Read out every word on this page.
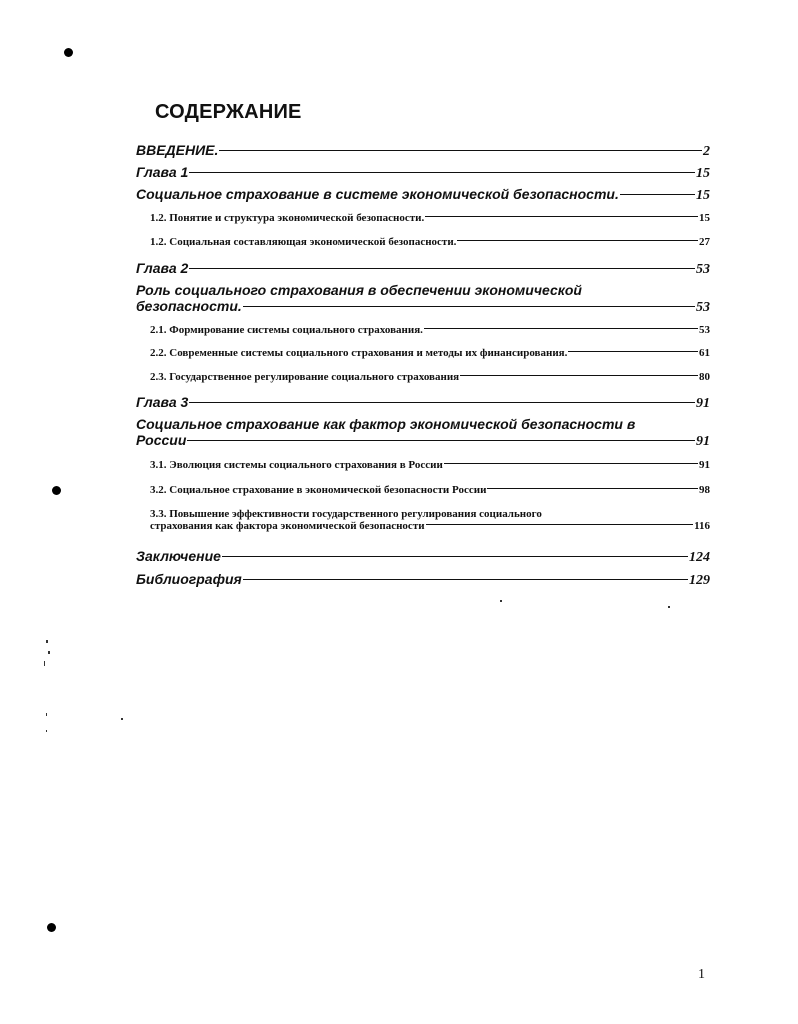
СОДЕРЖАНИЕ
ВВЕДЕНИЕ.	2
Глава 1	15
Социальное страхование в системе экономической безопасности.	15
1.2. Понятие и структура экономической безопасности.	15
1.2. Социальная составляющая экономической безопасности.	27
Глава 2	53
Роль социального страхования в обеспечении экономической
безопасности.	53
2.1. Формирование системы социального страхования.	53
2.2. Современные системы социального страхования и методы их финансирования.	61
2.3. Государственное регулирование социального страхования	80
Глава 3	91
Социальное страхование как фактор экономической безопасности в
России	91
3.1. Эволюция системы социального страхования в России	91
3.2. Социальное страхование в экономической безопасности России	98
3.3. Повышение эффективности государственного регулирования социального
страхования как фактора экономической безопасности	116
Заключение	124
Библиография	129
1
